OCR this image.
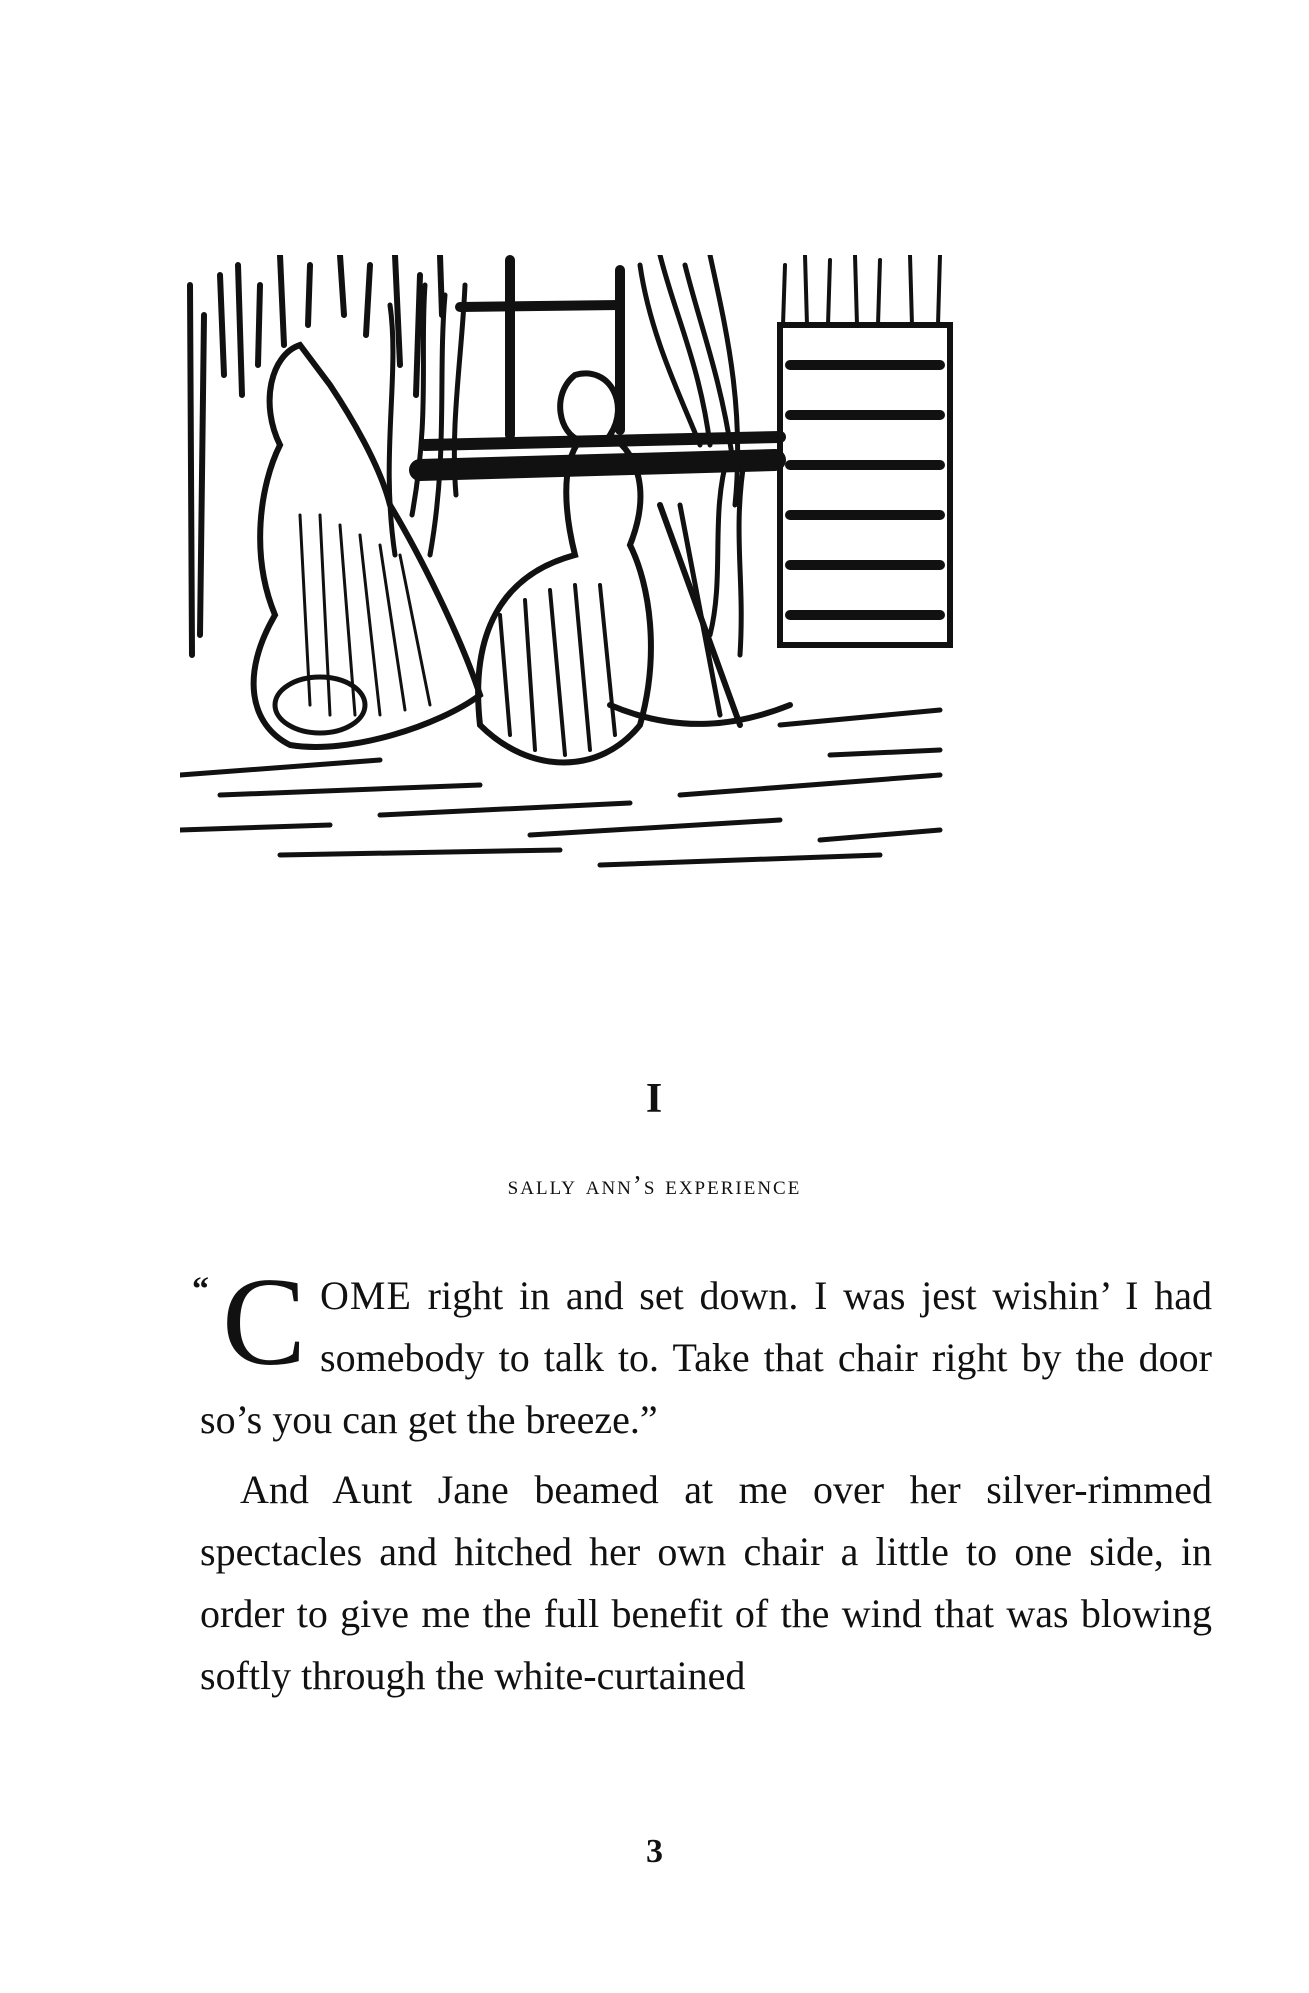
I
sally ann’s experience

“ C OME right in and set down. I was jest wishin’ I had somebody to talk to. Take that chair right by the door so’s you can get the breeze.”

And Aunt Jane beamed at me over her silver-rimmed spectacles and hitched her own chair a little to one side, in order to give me the full benefit of the wind that was blowing softly through the white-curtained

3
